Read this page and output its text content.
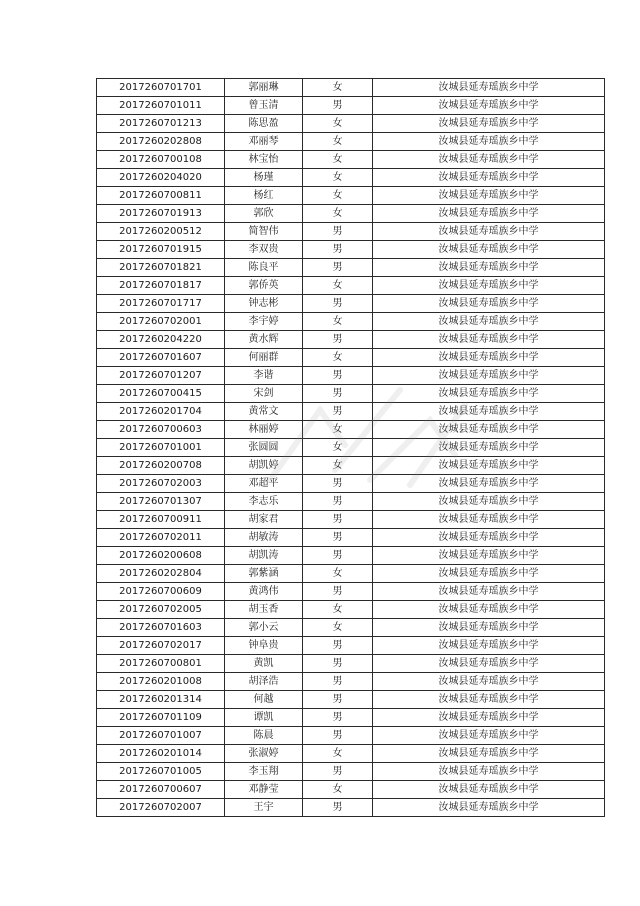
2017260701701	郭丽琳	女	汝城县延寿瑶族乡中学
2017260701011	曾玉清	男	汝城县延寿瑶族乡中学
2017260701213	陈思盈	女	汝城县延寿瑶族乡中学
2017260202808	邓丽琴	女	汝城县延寿瑶族乡中学
2017260700108	林宝怡	女	汝城县延寿瑶族乡中学
2017260204020	杨瑾	女	汝城县延寿瑶族乡中学
2017260700811	杨红	女	汝城县延寿瑶族乡中学
2017260701913	郭欣	女	汝城县延寿瑶族乡中学
2017260200512	简智伟	男	汝城县延寿瑶族乡中学
2017260701915	李双贵	男	汝城县延寿瑶族乡中学
2017260701821	陈良平	男	汝城县延寿瑶族乡中学
2017260701817	郭侨英	女	汝城县延寿瑶族乡中学
2017260701717	钟志彬	男	汝城县延寿瑶族乡中学
2017260702001	李宇婷	女	汝城县延寿瑶族乡中学
2017260204220	黄水辉	男	汝城县延寿瑶族乡中学
2017260701607	何丽群	女	汝城县延寿瑶族乡中学
2017260701207	李谐	男	汝城县延寿瑶族乡中学
2017260700415	宋剑	男	汝城县延寿瑶族乡中学
2017260201704	黄常文	男	汝城县延寿瑶族乡中学
2017260700603	林丽婷	女	汝城县延寿瑶族乡中学
2017260701001	张圆圆	女	汝城县延寿瑶族乡中学
2017260200708	胡凯婷	女	汝城县延寿瑶族乡中学
2017260702003	邓超平	男	汝城县延寿瑶族乡中学
2017260701307	李志乐	男	汝城县延寿瑶族乡中学
2017260700911	胡家君	男	汝城县延寿瑶族乡中学
2017260702011	胡敏涛	男	汝城县延寿瑶族乡中学
2017260200608	胡凯涛	男	汝城县延寿瑶族乡中学
2017260202804	郭紫涵	女	汝城县延寿瑶族乡中学
2017260700609	黄鸿伟	男	汝城县延寿瑶族乡中学
2017260702005	胡玉香	女	汝城县延寿瑶族乡中学
2017260701603	郭小云	女	汝城县延寿瑶族乡中学
2017260702017	钟阜贵	男	汝城县延寿瑶族乡中学
2017260700801	黄凯	男	汝城县延寿瑶族乡中学
2017260201008	胡泽浩	男	汝城县延寿瑶族乡中学
2017260201314	何越	男	汝城县延寿瑶族乡中学
2017260701109	谭凯	男	汝城县延寿瑶族乡中学
2017260701007	陈晨	男	汝城县延寿瑶族乡中学
2017260201014	张淑婷	女	汝城县延寿瑶族乡中学
2017260701005	李玉翔	男	汝城县延寿瑶族乡中学
2017260700607	邓静莹	女	汝城县延寿瑶族乡中学
2017260702007	王宇	男	汝城县延寿瑶族乡中学
